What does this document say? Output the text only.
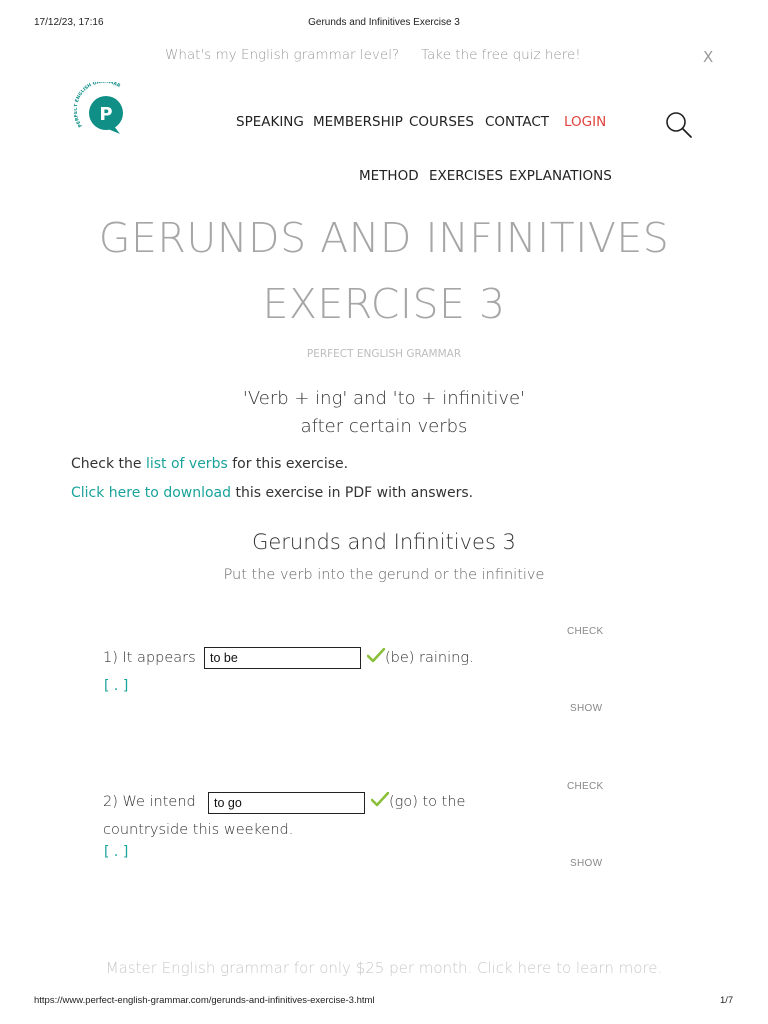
17/12/23, 17:16	Gerunds and Infinitives Exercise 3
What's my English grammar level? Take the free quiz here!	X
P
PERFECT ENGLISH GRAMMAR
SPEAKING MEMBERSHIP COURSES CONTACT LOGIN
METHOD EXERCISES EXPLANATIONS
GERUNDS AND INFINITIVES
EXERCISE 3
PERFECT ENGLISH GRAMMAR
'Verb + ing' and 'to + infinitive'
after certain verbs
Check the list of verbs for this exercise.
Click here to download this exercise in PDF with answers.
Gerunds and Infinitives 3
Put the verb into the gerund or the infinitive
CHECK
1) It appears
to be	(be) raining.
[ . ]
SHOW
CHECK
2) We intend
to go	(go) to the
countryside this weekend.
[ . ]
SHOW
Master English grammar for only $25 per month. Click here to learn more.
https://www.perfect-english-grammar.com/gerunds-and-infinitives-exercise-3.html	1/7
